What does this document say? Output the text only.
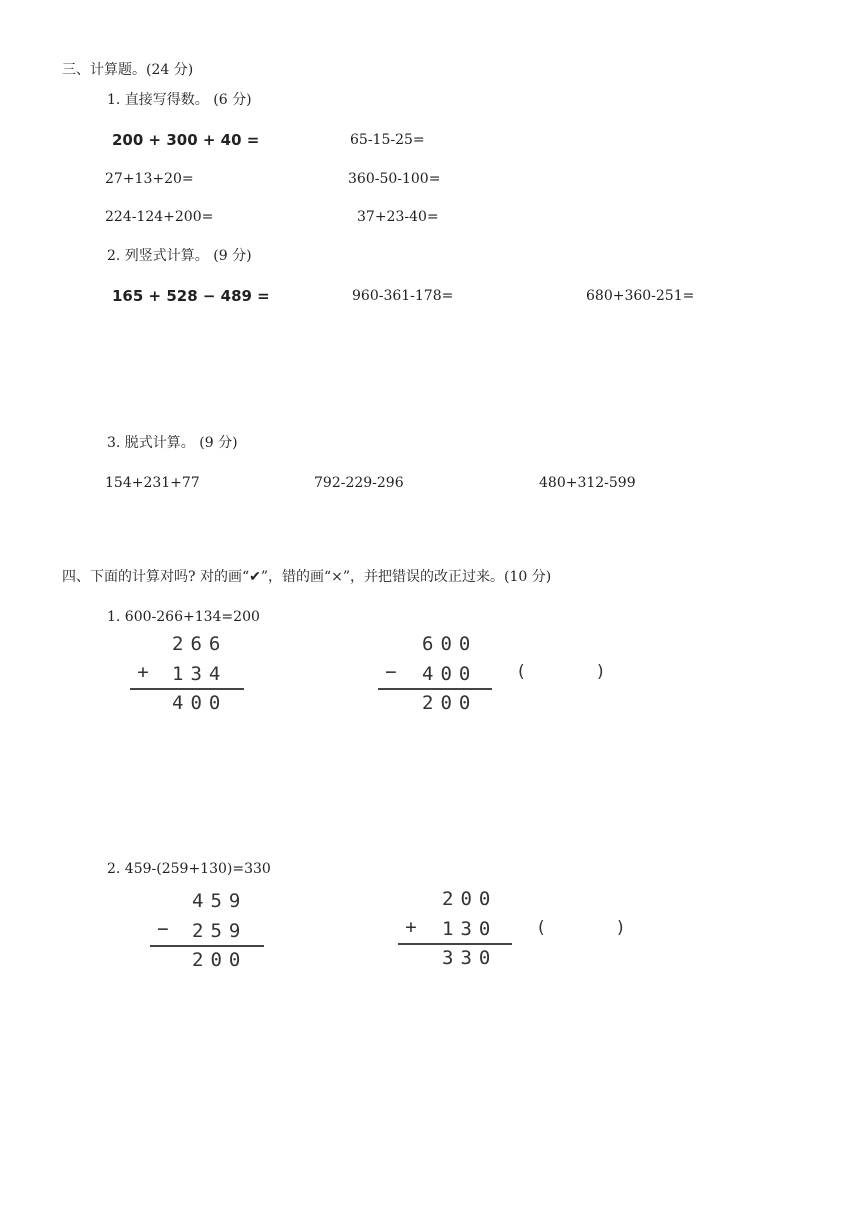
三、计算题。(24 分)
1. 直接写得数。 (6 分)
200 + 300 + 40 =	65-15-25=
27+13+20=	360-50-100=
224-124+200=	37+23-40=
2. 列竖式计算。 (9 分)
165 + 528 − 489 =	960-361-178=	680+360-251=
3. 脱式计算。 (9 分)
154+231+77	792-229-296	480+312-599
四、下面的计算对吗? 对的画“✔”，错的画“×”，并把错误的改正过来。(10 分)
1. 600-266+134=200
266
+	134
400
600
−	400
200
(	)
2. 459-(259+130)=330
459
−	259
200
200
+	130
330
(	)
